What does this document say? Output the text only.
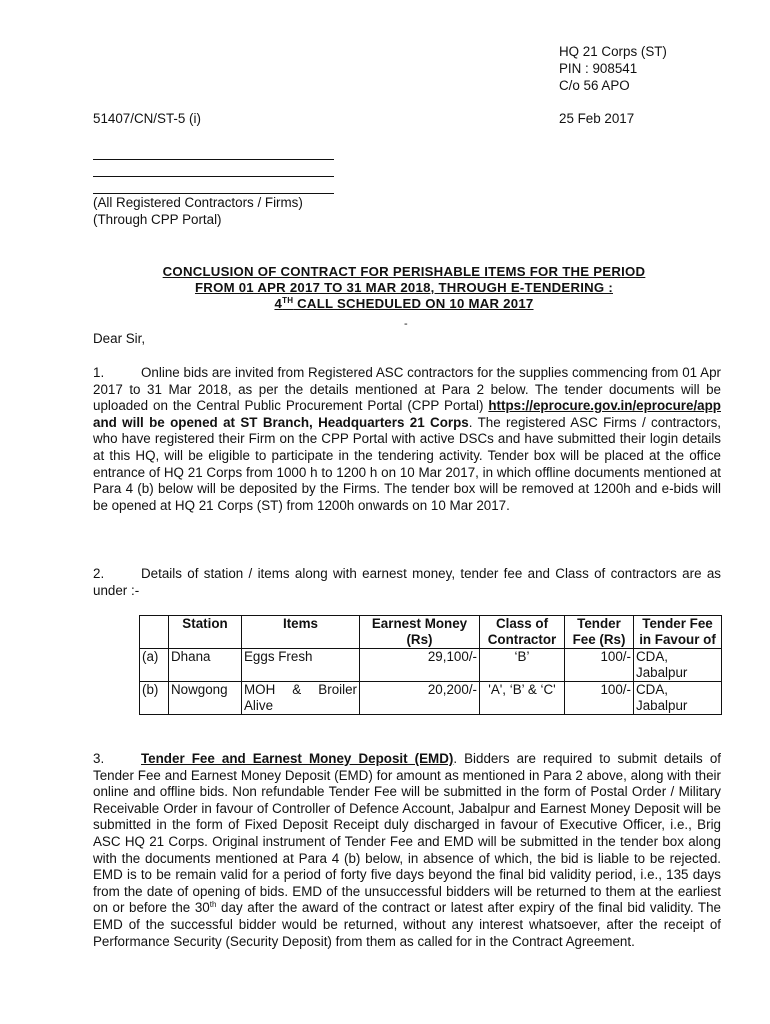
HQ 21 Corps (ST)
PIN : 908541
C/o 56 APO
51407/CN/ST-5 (i)	25 Feb 2017
(All Registered Contractors / Firms)
(Through CPP Portal)
CONCLUSION OF CONTRACT FOR PERISHABLE ITEMS FOR THE PERIOD
FROM 01 APR 2017 TO 31 MAR 2018, THROUGH E-TENDERING :
4TH CALL SCHEDULED ON 10 MAR 2017
-
Dear Sir,
1.	Online bids are invited from Registered ASC contractors for the supplies commencing from 01 Apr 2017 to 31 Mar 2018, as per the details mentioned at Para 2 below. The tender documents will be uploaded on the Central Public Procurement Portal (CPP Portal) https://eprocure.gov.in/eprocure/app and will be opened at ST Branch, Headquarters 21 Corps. The registered ASC Firms / contractors, who have registered their Firm on the CPP Portal with active DSCs and have submitted their login details at this HQ, will be eligible to participate in the tendering activity. Tender box will be placed at the office entrance of HQ 21 Corps from 1000 h to 1200 h on 10 Mar 2017, in which offline documents mentioned at Para 4 (b) below will be deposited by the Firms. The tender box will be removed at 1200h and e-bids will be opened at HQ 21 Corps (ST) from 1200h onwards on 10 Mar 2017.
2.	Details of station / items along with earnest money, tender fee and Class of contractors are as under :-
	Station	Items	Earnest Money (Rs)	Class of Contractor	Tender Fee (Rs)	Tender Fee in Favour of
(a)	Dhana	Eggs Fresh	29,100/-	‘B’	100/-	CDA, Jabalpur
(b)	Nowgong	MOH & Broiler Alive	20,200/-	'A', ‘B’ & ‘C'	100/-	CDA, Jabalpur
3.	Tender Fee and Earnest Money Deposit (EMD). Bidders are required to submit details of Tender Fee and Earnest Money Deposit (EMD) for amount as mentioned in Para 2 above, along with their online and offline bids. Non refundable Tender Fee will be submitted in the form of Postal Order / Military Receivable Order in favour of Controller of Defence Account, Jabalpur and Earnest Money Deposit will be submitted in the form of Fixed Deposit Receipt duly discharged in favour of Executive Officer, i.e., Brig ASC HQ 21 Corps. Original instrument of Tender Fee and EMD will be submitted in the tender box along with the documents mentioned at Para 4 (b) below, in absence of which, the bid is liable to be rejected. EMD is to be remain valid for a period of forty five days beyond the final bid validity period, i.e., 135 days from the date of opening of bids. EMD of the unsuccessful bidders will be returned to them at the earliest on or before the 30th day after the award of the contract or latest after expiry of the final bid validity. The EMD of the successful bidder would be returned, without any interest whatsoever, after the receipt of Performance Security (Security Deposit) from them as called for in the Contract Agreement.
